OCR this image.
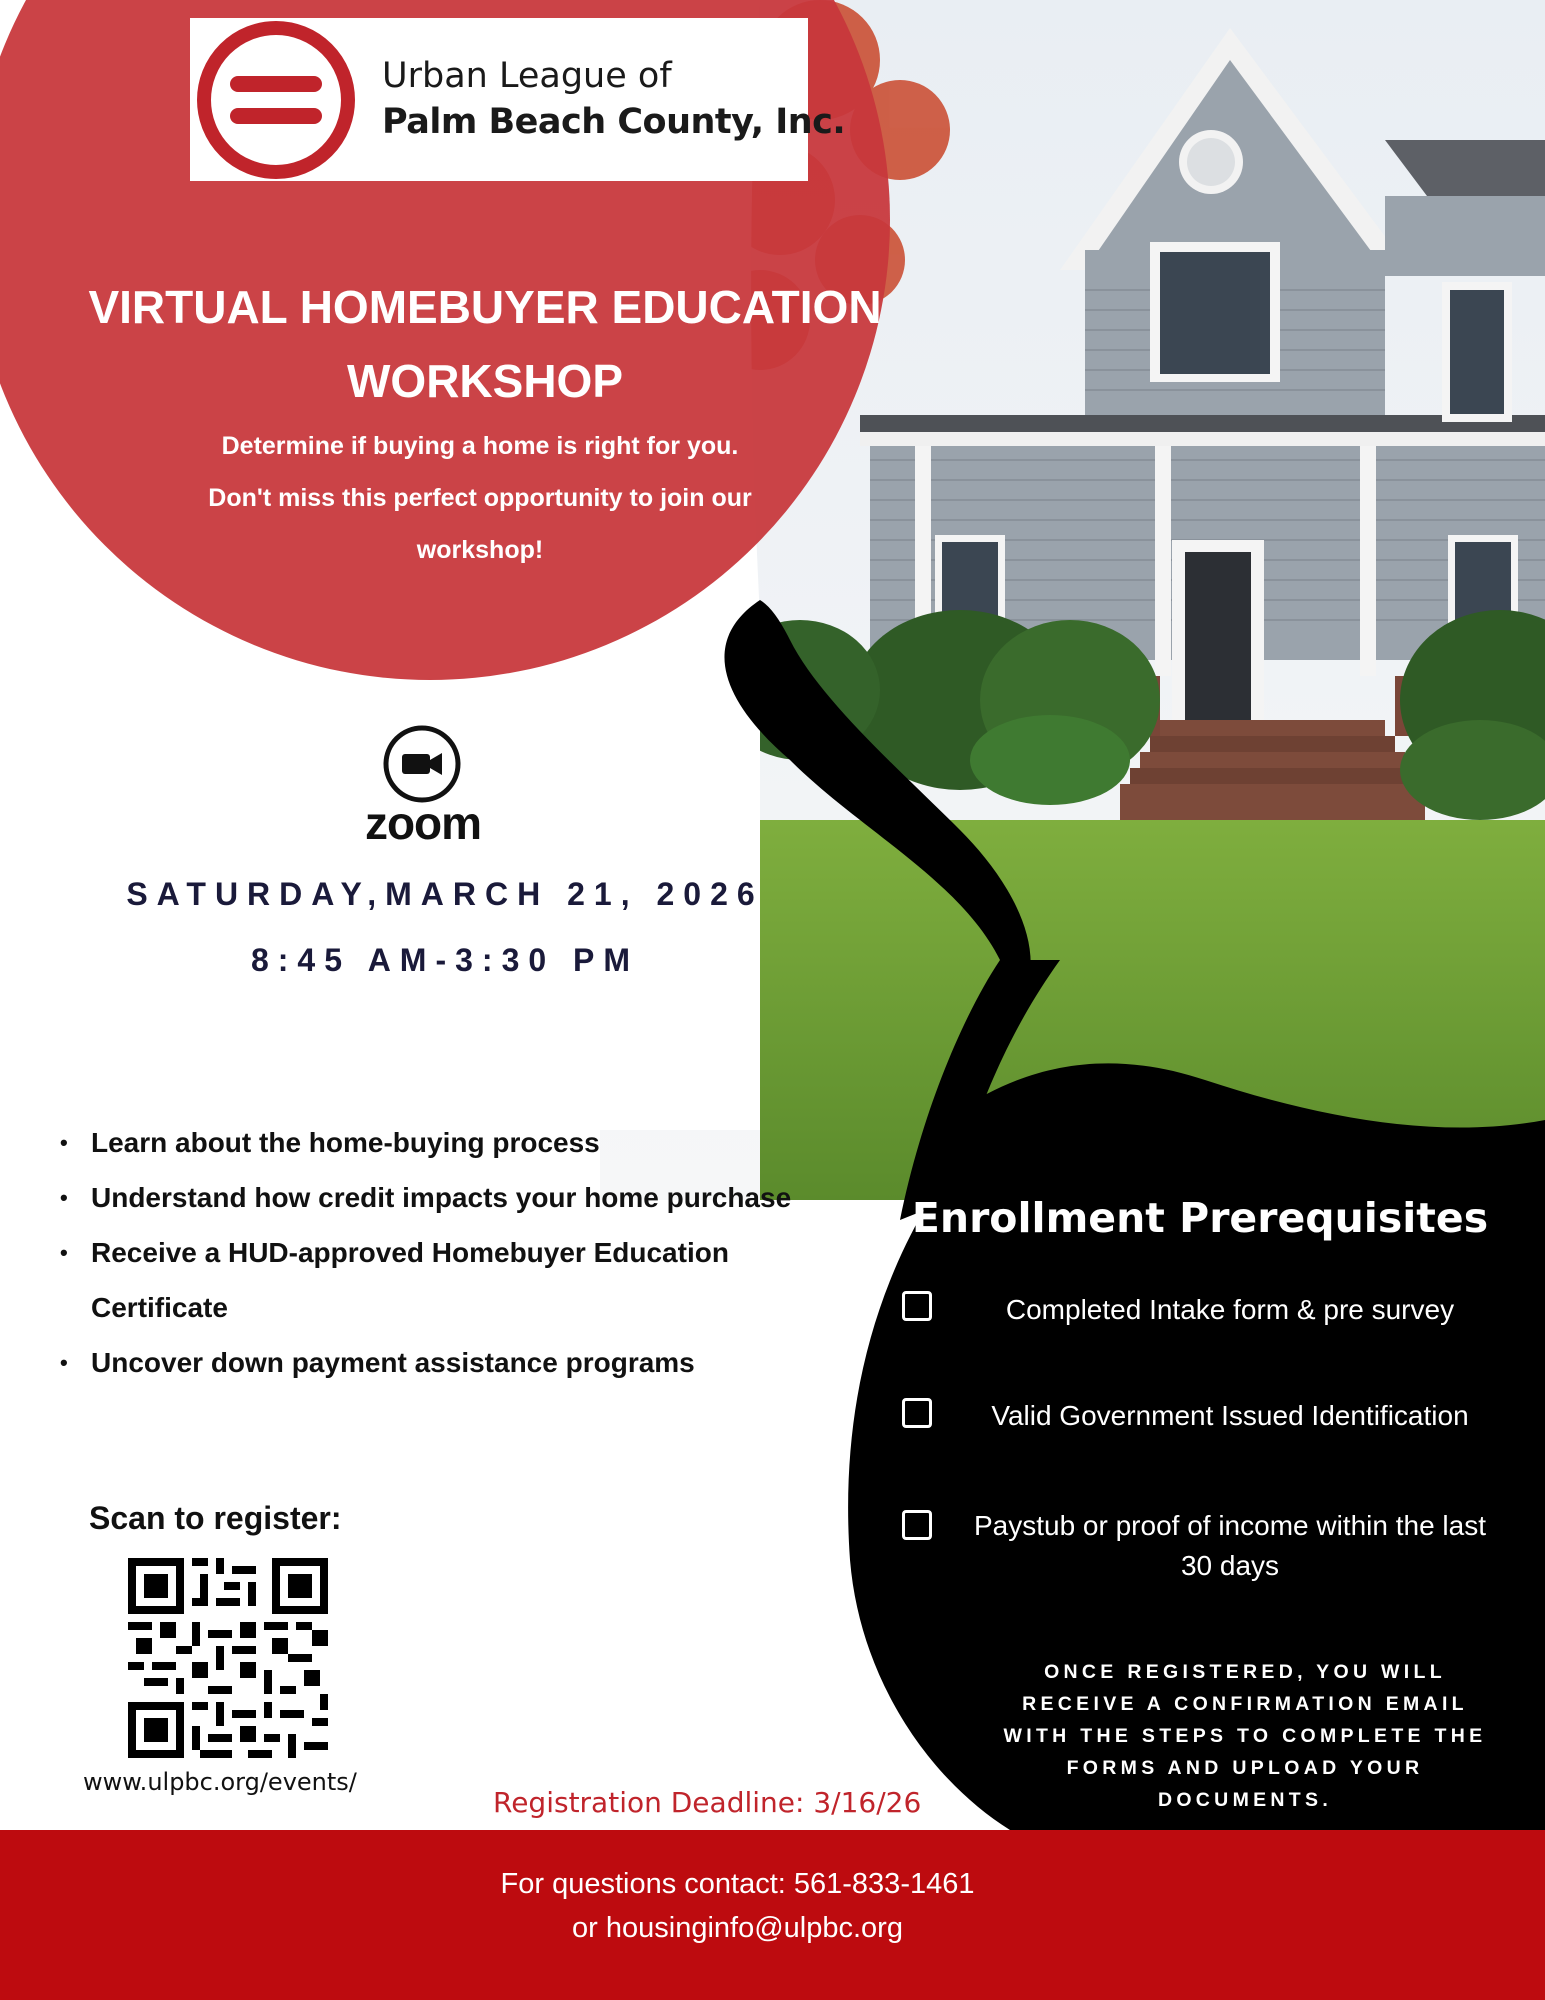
Urban League of
Palm Beach County, Inc.
VIRTUAL HOMEBUYER EDUCATION WORKSHOP
Determine if buying a home is right for you.
Don't miss this perfect opportunity to join our
workshop!
zoom
SATURDAY,MARCH 21, 2026
8:45 AM-3:30 PM
• Learn about the home-buying process
• Understand how credit impacts your home purchase
• Receive a HUD-approved Homebuyer Education Certificate
• Uncover down payment assistance programs
Scan to register:
www.ulpbc.org/events/
Registration Deadline: 3/16/26
Enrollment Prerequisites
Completed Intake form & pre survey
Valid Government Issued Identification
Paystub or proof of income within the last 30 days
ONCE REGISTERED, YOU WILL RECEIVE A CONFIRMATION EMAIL WITH THE STEPS TO COMPLETE THE FORMS AND UPLOAD YOUR DOCUMENTS.
For questions contact: 561-833-1461
or housinginfo@ulpbc.org
